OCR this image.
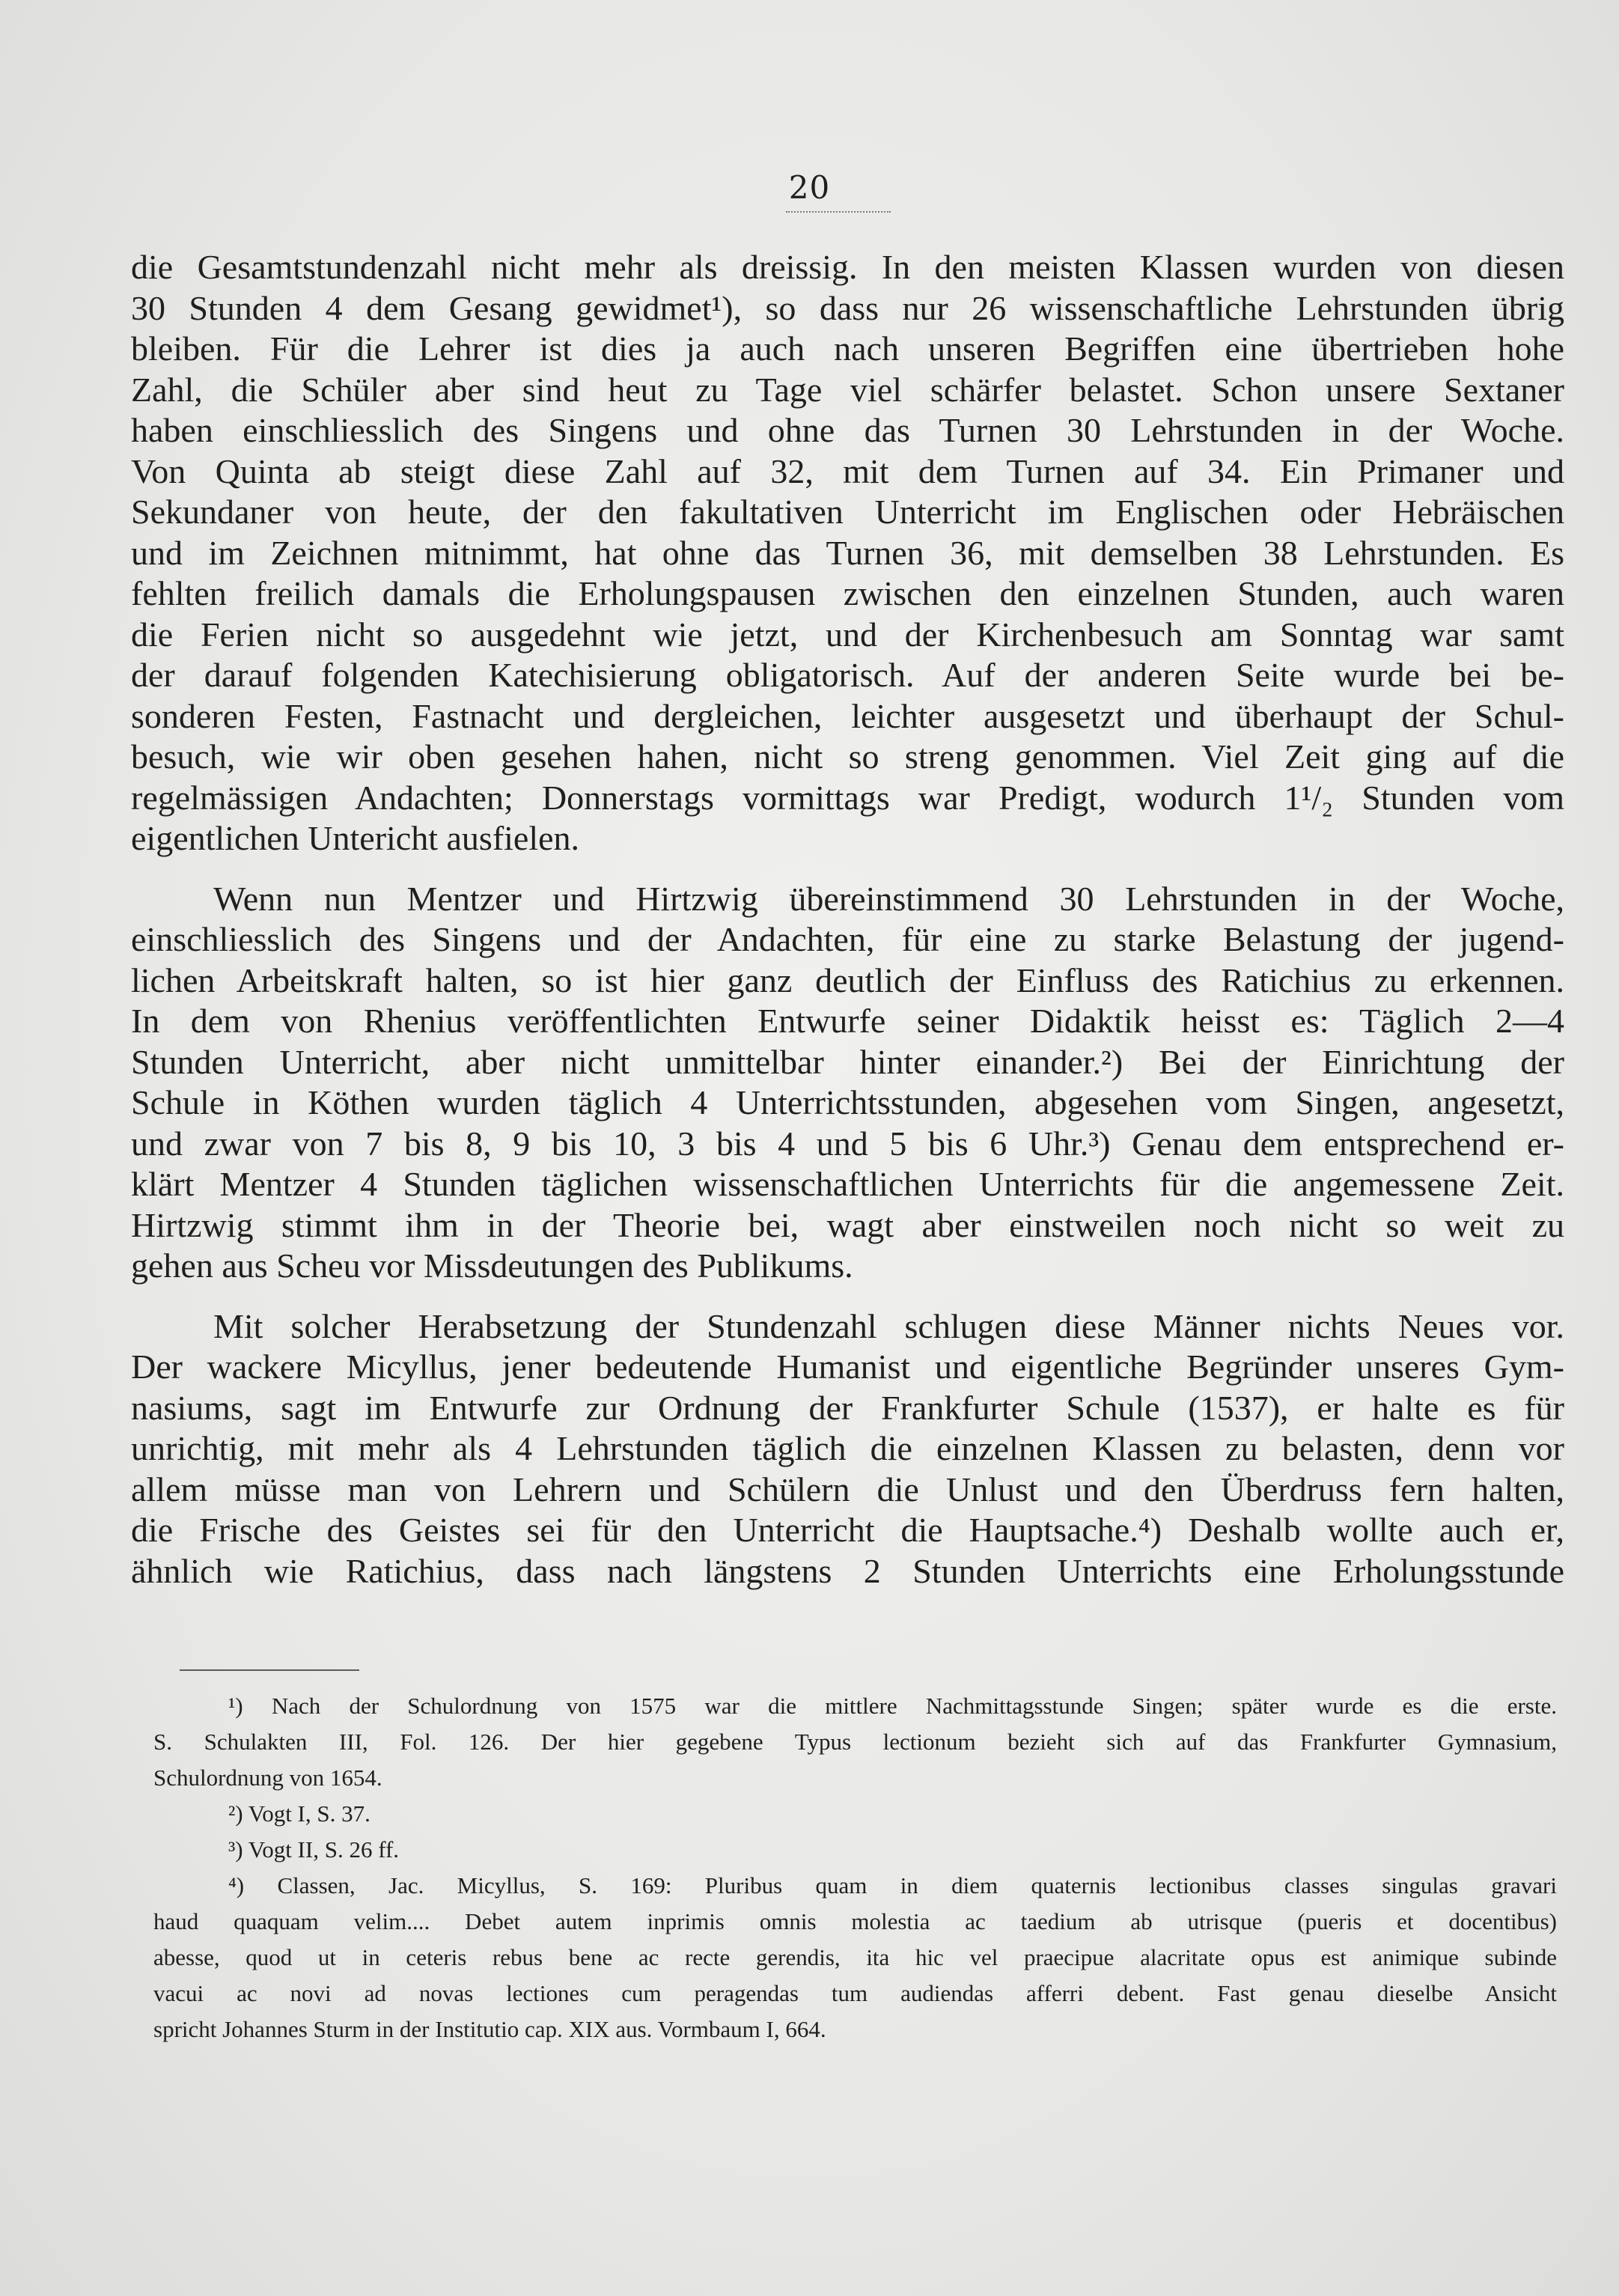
20
die Gesamtstundenzahl nicht mehr als dreissig. In den meisten Klassen wurden von diesen
30 Stunden 4 dem Gesang gewidmet¹), so dass nur 26 wissenschaftliche Lehrstunden übrig
bleiben. Für die Lehrer ist dies ja auch nach unseren Begriffen eine übertrieben hohe
Zahl, die Schüler aber sind heut zu Tage viel schärfer belastet. Schon unsere Sextaner
haben einschliesslich des Singens und ohne das Turnen 30 Lehrstunden in der Woche.
Von Quinta ab steigt diese Zahl auf 32, mit dem Turnen auf 34. Ein Primaner und
Sekundaner von heute, der den fakultativen Unterricht im Englischen oder Hebräischen
und im Zeichnen mitnimmt, hat ohne das Turnen 36, mit demselben 38 Lehrstunden. Es
fehlten freilich damals die Erholungspausen zwischen den einzelnen Stunden, auch waren
die Ferien nicht so ausgedehnt wie jetzt, und der Kirchenbesuch am Sonntag war samt
der darauf folgenden Katechisierung obligatorisch. Auf der anderen Seite wurde bei be-
sonderen Festen, Fastnacht und dergleichen, leichter ausgesetzt und überhaupt der Schul-
besuch, wie wir oben gesehen hahen, nicht so streng genommen. Viel Zeit ging auf die
regelmässigen Andachten; Donnerstags vormittags war Predigt, wodurch 1¹/₂ Stunden vom
eigentlichen Untericht ausfielen.
Wenn nun Mentzer und Hirtzwig übereinstimmend 30 Lehrstunden in der Woche,
einschliesslich des Singens und der Andachten, für eine zu starke Belastung der jugend-
lichen Arbeitskraft halten, so ist hier ganz deutlich der Einfluss des Ratichius zu erkennen.
In dem von Rhenius veröffentlichten Entwurfe seiner Didaktik heisst es: Täglich 2—4
Stunden Unterricht, aber nicht unmittelbar hinter einander.²) Bei der Einrichtung der
Schule in Köthen wurden täglich 4 Unterrichtsstunden, abgesehen vom Singen, angesetzt,
und zwar von 7 bis 8, 9 bis 10, 3 bis 4 und 5 bis 6 Uhr.³) Genau dem entsprechend er-
klärt Mentzer 4 Stunden täglichen wissenschaftlichen Unterrichts für die angemessene Zeit.
Hirtzwig stimmt ihm in der Theorie bei, wagt aber einstweilen noch nicht so weit zu
gehen aus Scheu vor Missdeutungen des Publikums.
Mit solcher Herabsetzung der Stundenzahl schlugen diese Männer nichts Neues vor.
Der wackere Micyllus, jener bedeutende Humanist und eigentliche Begründer unseres Gym-
nasiums, sagt im Entwurfe zur Ordnung der Frankfurter Schule (1537), er halte es für
unrichtig, mit mehr als 4 Lehrstunden täglich die einzelnen Klassen zu belasten, denn vor
allem müsse man von Lehrern und Schülern die Unlust und den Überdruss fern halten,
die Frische des Geistes sei für den Unterricht die Hauptsache.⁴) Deshalb wollte auch er,
ähnlich wie Ratichius, dass nach längstens 2 Stunden Unterrichts eine Erholungsstunde
¹) Nach der Schulordnung von 1575 war die mittlere Nachmittagsstunde Singen; später wurde es die erste.
S. Schulakten III, Fol. 126. Der hier gegebene Typus lectionum bezieht sich auf das Frankfurter Gymnasium,
Schulordnung von 1654.
²) Vogt I, S. 37.
³) Vogt II, S. 26 ff.
⁴) Classen, Jac. Micyllus, S. 169: Pluribus quam in diem quaternis lectionibus classes singulas gravari
haud quaquam velim.... Debet autem inprimis omnis molestia ac taedium ab utrisque (pueris et docentibus)
abesse, quod ut in ceteris rebus bene ac recte gerendis, ita hic vel praecipue alacritate opus est animique subinde
vacui ac novi ad novas lectiones cum peragendas tum audiendas afferri debent. Fast genau dieselbe Ansicht
spricht Johannes Sturm in der Institutio cap. XIX aus. Vormbaum I, 664.
